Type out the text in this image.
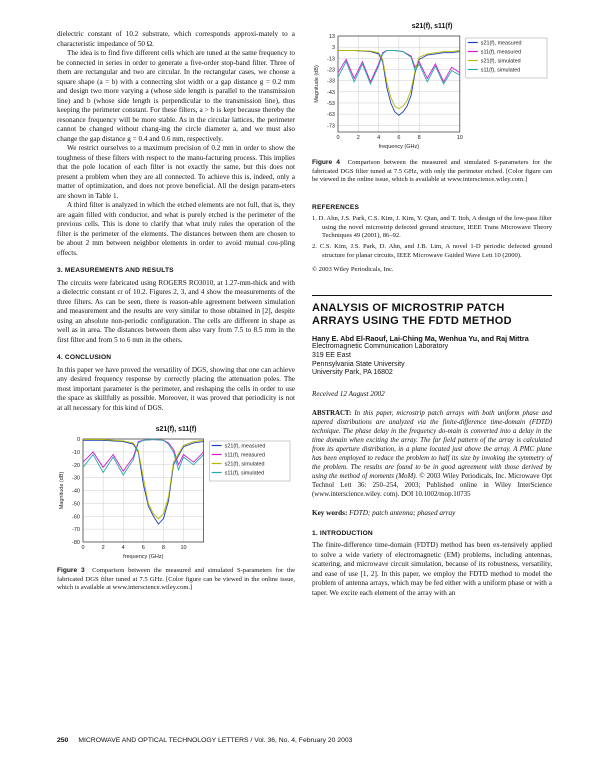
dielectric constant of 10.2 substrate, which corresponds approxi-mately to a characteristic impedance of 50 Ω.

The idea is to find five different cells which are tuned at the same frequency to be connected in series in order to generate a five-order stop-band filter. Three of them are rectangular and two are circular. In the rectangular cases, we choose a square shape (a = b) with a connecting slot width or a gap distance g = 0.2 mm and design two more varying a (whose side length is parallel to the transmission line) and b (whose side length is perpendicular to the transmission line), thus keeping the perimeter constant. For these filters, a > b is kept because thereby the resonance frequency will be more stable. As in the circular lattices, the perimeter cannot be changed without chang-ing the circle diameter a, and we must also change the gap distance g = 0.4 and 0.6 mm, respectively.

We restrict ourselves to a maximum precision of 0.2 mm in order to show the toughness of these filters with respect to the manu-facturing process. This implies that the pole location of each filter is not exactly the same, but this does not present a problem when they are all connected. To achieve this is, indeed, only a matter of optimization, and does not prove beneficial. All the design param-eters are shown in Table 1.

A third filter is analyzed in which the etched elements are not full, that is, they are again filled with conductor, and what is purely etched is the perimeter of the previous cells. This is done to clarify that what truly rules the operation of the filter is the perimeter of the elements. The distances between them are chosen to be about 2 mm between neighbor elements in order to avoid mutual cou-pling effects.

3. MEASUREMENTS AND RESULTS

The circuits were fabricated using ROGERS RO3010, at 1.27-mm-thick and with a dielectric constant εr of 10.2. Figures 2, 3, and 4 show the measurements of the three filters. As can be seen, there is reason-able agreement between simulation and measurement and the results are very similar to those obtained in [2], despite using an absolute non-periodic configuration. The cells are different in shape as well as in area. The distances between them also vary from 7.5 to 8.5 mm in the first filter and from 5 to 6 mm in the others.

4. CONCLUSION

In this paper we have proved the versatility of DGS, showing that one can achieve any desired frequency response by correctly placing the attenuation poles. The most important parameter is the perimeter, and reshaping the cells in order to use the space as skillfully as possible. Moreover, it was proved that periodicity is not at all necessary for this kind of DGS.

s21(f), s11(f)
0
-10
-20
-30
-40
-50
-60
-70
-80
0	2	4	6	8	10
frequency (GHz)
Magnitude (dB)
s21(f), measured
s11(f), measured
s21(f), simulated
s11(f), simulated

Figure 3 Comparison between the measured and simulated S-parameters for the fabricated DGS filter tuned at 7.5 GHz. [Color figure can be viewed in the online issue, which is available at www.interscience.wiley.com.]

s21(f), s11(f)
13
3
-13
-23
-33
-43
-53
-63
-73
0	2	4	6	8	10
frequency (GHz)
Magnitude (dB)
s21(f), measured
s11(f), measured
s21(f), simulated
s11(f), simulated

Figure 4 Comparison between the measured and simulated S-parameters for the fabricated DGS filter tuned at 7.5 GHz, with only the perimeter etched. [Color figure can be viewed in the online issue, which is available at www.interscience.wiley.com.]

REFERENCES
1. D. Ahn, J.S. Park, C.S. Kim, J. Kim, Y. Qian, and T. Itoh, A design of the low-pass filter using the novel microstrip defected ground structure, IEEE Trans Microwave Theory Techniques 49 (2001), 86–92.
2. C.S. Kim, J.S. Park, D. Ahn, and J.B. Lim, A novel 1-D periodic defected ground structure for planar circuits, IEEE Microwave Guided Wave Lett 10 (2000).

© 2003 Wiley Periodicals, Inc.

ANALYSIS OF MICROSTRIP PATCH ARRAYS USING THE FDTD METHOD
Hany E. Abd El-Raouf, Lai-Ching Ma, Wenhua Yu, and Raj Mittra
Electromagnetic Communication Laboratory
319 EE East
Pennsylvania State University
University Park, PA 16802

Received 12 August 2002

ABSTRACT: In this paper, microstrip patch arrays with both uniform phase and tapered distributions are analyzed via the finite-difference time-domain (FDTD) technique. The phase delay in the frequency do-main is converted into a delay in the time domain when exciting the array. The far field pattern of the array is calculated from its aperture distribution, in a plane located just above the array. A PMC plane has been employed to reduce the problem to half its size by invoking the symmetry of the problem. The results are found to be in good agreement with those derived by using the method of moments (MoM). © 2003 Wiley Periodicals, Inc. Microwave Opt Technol Lett 36: 250–254, 2003; Published online in Wiley InterScience (www.interscience.wiley. com). DOI 10.1002/mop.10735

Key words: FDTD; patch antenna; phased array

1. INTRODUCTION

The finite-difference time-domain (FDTD) method has been ex-tensively applied to solve a wide variety of electromagnetic (EM) problems, including antennas, scattering, and microwave circuit simulation, because of its robustness, versatility, and ease of use [1, 2]. In this paper, we employ the FDTD method to model the problem of antenna arrays, which may be fed either with a uniform phase or with a taper. We excite each element of the array with an

250 MICROWAVE AND OPTICAL TECHNOLOGY LETTERS / Vol. 36, No. 4, February 20 2003
